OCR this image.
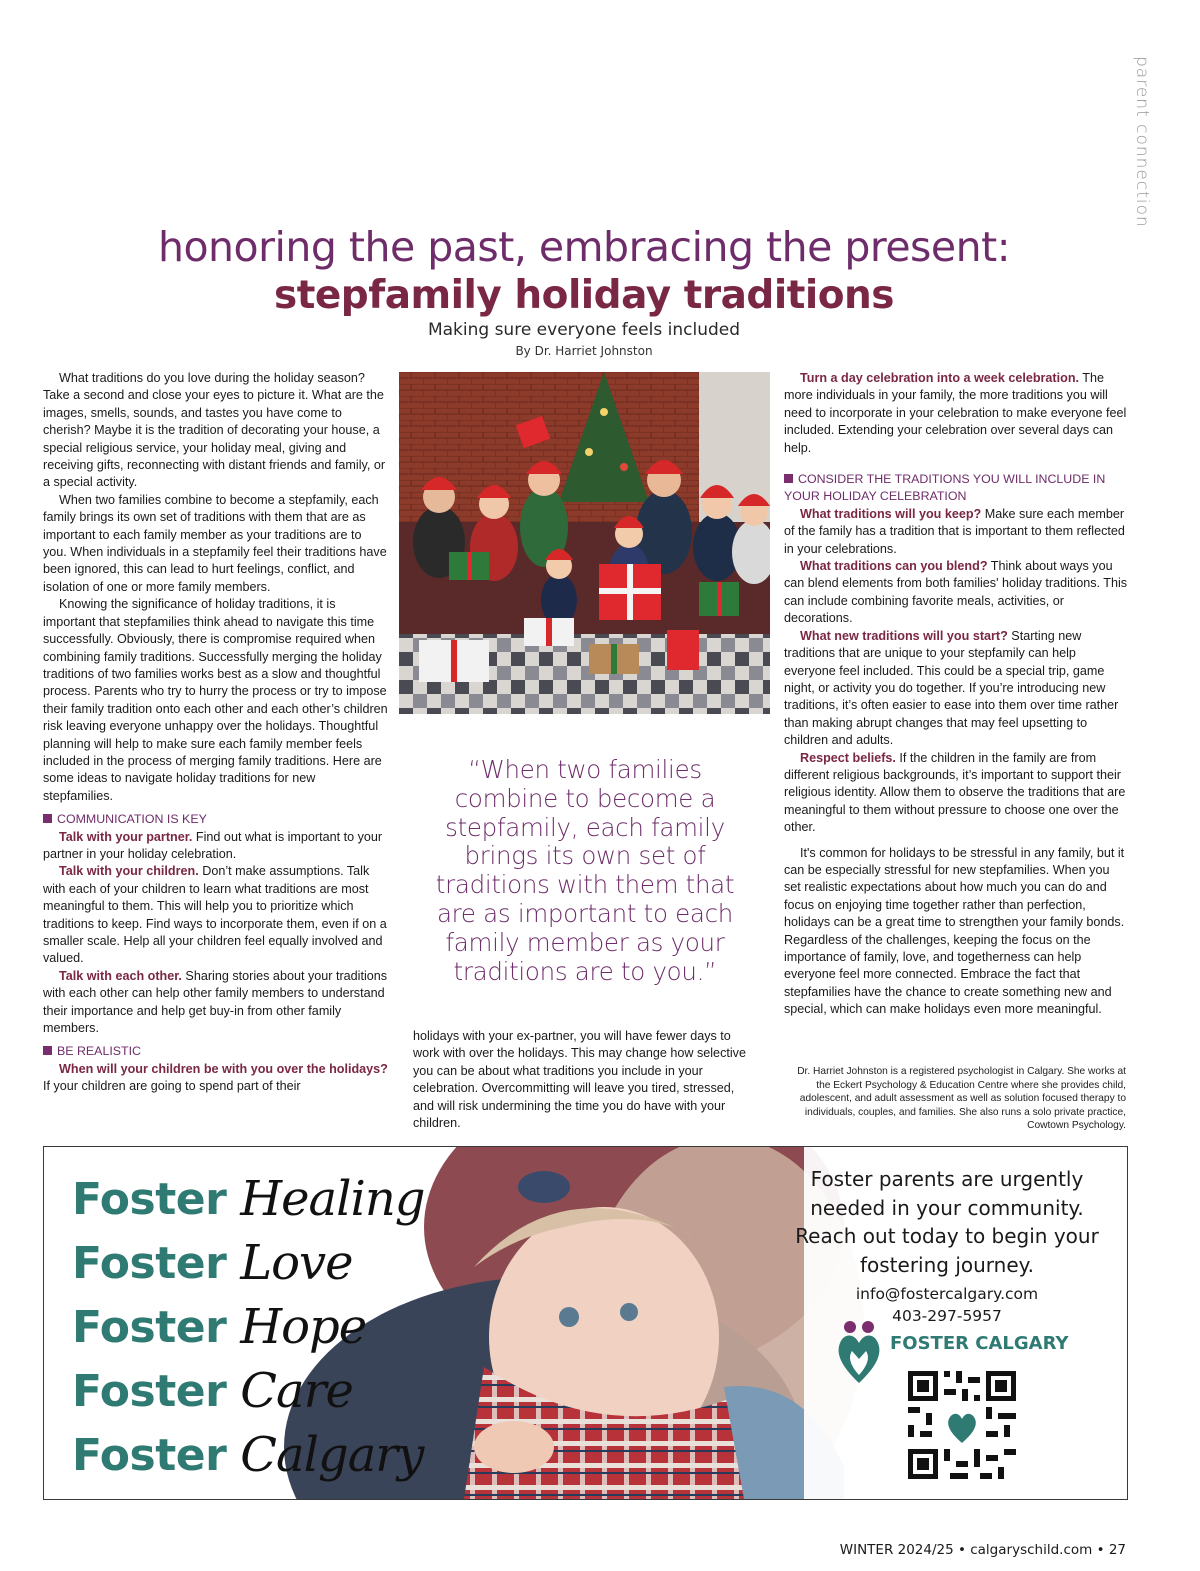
parent connection
honoring the past, embracing the present:
stepfamily holiday traditions
Making sure everyone feels included
By Dr. Harriet Johnston

What traditions do you love during the holiday season? Take a second and close your eyes to picture it. What are the images, smells, sounds, and tastes you have come to cherish? Maybe it is the tradition of decorating your house, a special religious service, your holiday meal, giving and receiving gifts, reconnecting with distant friends and family, or a special activity.

When two families combine to become a stepfamily, each family brings its own set of traditions with them that are as important to each family member as your traditions are to you. When individuals in a stepfamily feel their traditions have been ignored, this can lead to hurt feelings, conflict, and isolation of one or more family members.

Knowing the significance of holiday traditions, it is important that stepfamilies think ahead to navigate this time successfully. Obviously, there is compromise required when combining family traditions. Successfully merging the holiday traditions of two families works best as a slow and thoughtful process. Parents who try to hurry the process or try to impose their family tradition onto each other and each other’s children risk leaving everyone unhappy over the holidays. Thoughtful planning will help to make sure each family member feels included in the process of merging family traditions. Here are some ideas to navigate holiday traditions for new stepfamilies.

COMMUNICATION IS KEY

Talk with your partner. Find out what is important to your partner in your holiday celebration.

Talk with your children. Don’t make assumptions. Talk with each of your children to learn what traditions are most meaningful to them. This will help you to prioritize which traditions to keep. Find ways to incorporate them, even if on a smaller scale. Help all your children feel equally involved and valued.

Talk with each other. Sharing stories about your traditions with each other can help other family members to understand their importance and help get buy-in from other family members.

BE REALISTIC

When will your children be with you over the holidays? If your children are going to spend part of their

“When two families combine to become a stepfamily, each family brings its own set of traditions with them that are as important to each family member as your traditions are to you.”

holidays with your ex-partner, you will have fewer days to work with over the holidays. This may change how selective you can be about what traditions you include in your celebration. Overcommitting will leave you tired, stressed, and will risk undermining the time you do have with your children.

Turn a day celebration into a week celebration. The more individuals in your family, the more traditions you will need to incorporate in your celebration to make everyone feel included. Extending your celebration over several days can help.

CONSIDER THE TRADITIONS YOU WILL INCLUDE IN YOUR HOLIDAY CELEBRATION

What traditions will you keep? Make sure each member of the family has a tradition that is important to them reflected in your celebrations.

What traditions can you blend? Think about ways you can blend elements from both families' holiday traditions. This can include combining favorite meals, activities, or decorations.

What new traditions will you start? Starting new traditions that are unique to your stepfamily can help everyone feel included. This could be a special trip, game night, or activity you do together. If you’re introducing new traditions, it’s often easier to ease into them over time rather than making abrupt changes that may feel upsetting to children and adults.

Respect beliefs. If the children in the family are from different religious backgrounds, it’s important to support their religious identity. Allow them to observe the traditions that are meaningful to them without pressure to choose one over the other.

It's common for holidays to be stressful in any family, but it can be especially stressful for new stepfamilies. When you set realistic expectations about how much you can do and focus on enjoying time together rather than perfection, holidays can be a great time to strengthen your family bonds. Regardless of the challenges, keeping the focus on the importance of family, love, and togetherness can help everyone feel more connected. Embrace the fact that stepfamilies have the chance to create something new and special, which can make holidays even more meaningful.

Dr. Harriet Johnston is a registered psychologist in Calgary. She works at the Eckert Psychology & Education Centre where she provides child, adolescent, and adult assessment as well as solution focused therapy to individuals, couples, and families. She also runs a solo private practice, Cowtown Psychology.
Foster Healing
Foster Love
Foster Hope
Foster Care
Foster Calgary
Foster parents are urgently needed in your community. Reach out today to begin your fostering journey.
info@fostercalgary.com
403-297-5957
FOSTER CALGARY
WINTER 2024/25 • calgaryschild.com • 27
